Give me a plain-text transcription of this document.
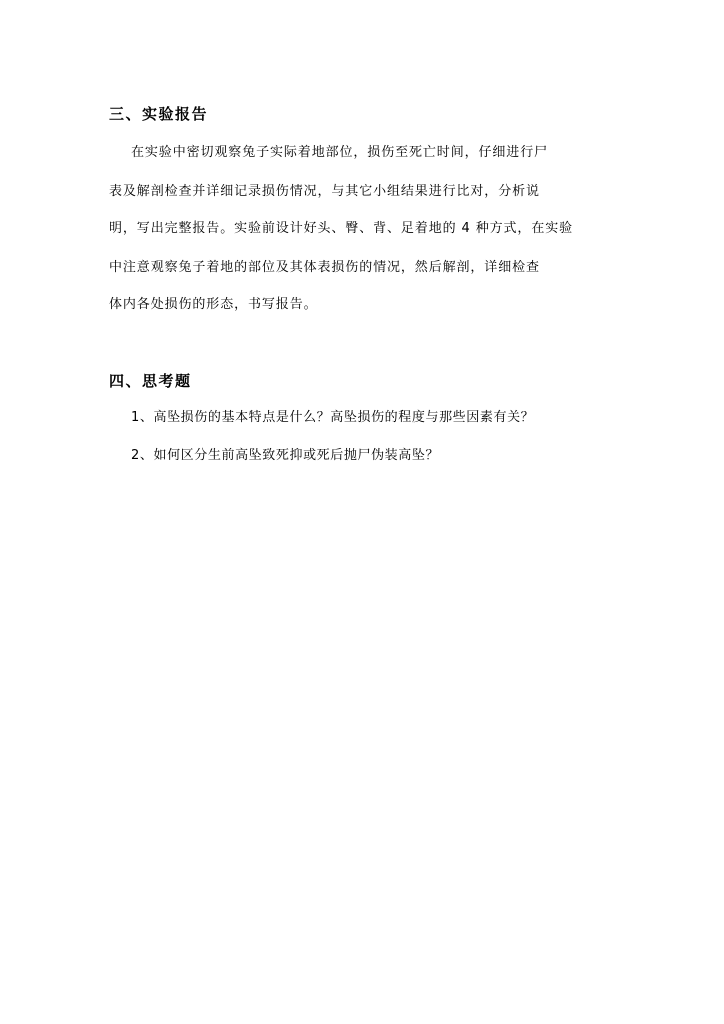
三、实验报告
在实验中密切观察兔子实际着地部位，损伤至死亡时间，仔细进行尸
表及解剖检查并详细记录损伤情况，与其它小组结果进行比对，分析说
明，写出完整报告。实验前设计好头、臀、背、足着地的 4 种方式，在实验
中注意观察兔子着地的部位及其体表损伤的情况，然后解剖，详细检查
体内各处损伤的形态，书写报告。
四、思考题
1、高坠损伤的基本特点是什么？高坠损伤的程度与那些因素有关？
2、如何区分生前高坠致死抑或死后抛尸伪装高坠？
